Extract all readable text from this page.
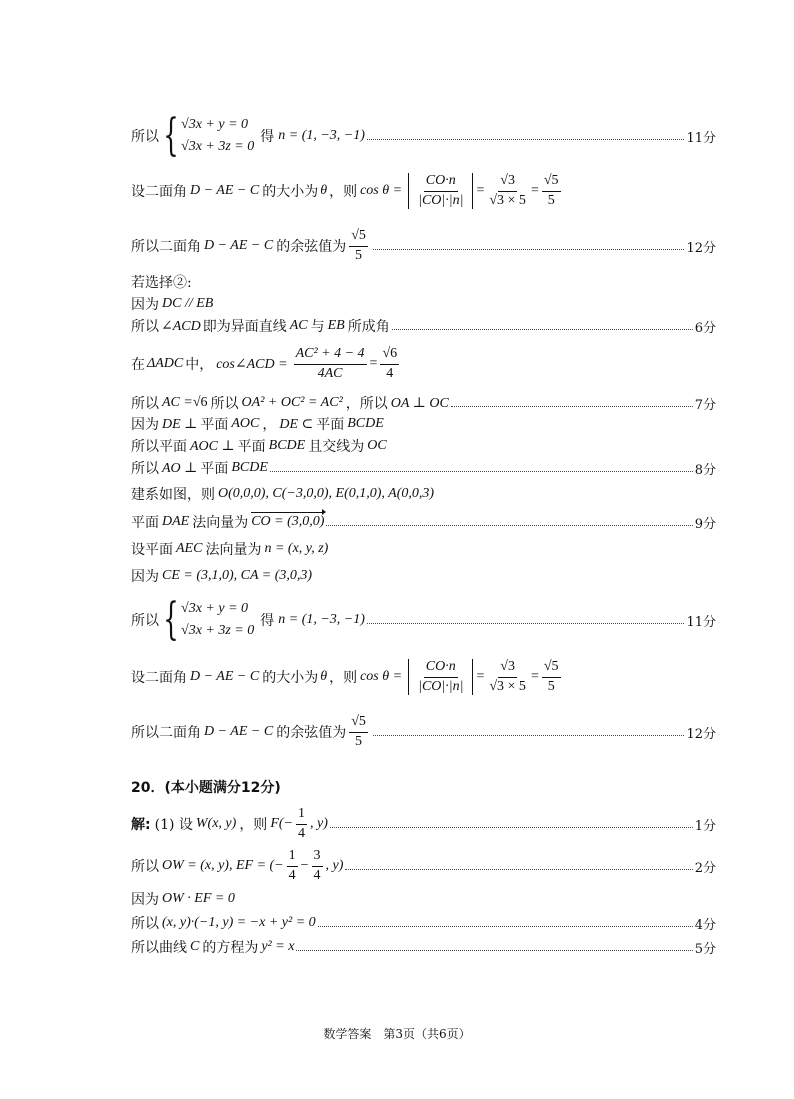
所以 { √3x + y = 0
√3x + 3z = 0
得 n = (1, −3, −1)	11分
设二面角 D − AE − C 的大小为 θ ，则 $\cos \theta = \frac{CO\cdot n}{|CO|\cdot|n|} = \frac{√3}{√3 \times 5} = \frac{√5}{5}$
所以二面角 D − AE − C 的余弦值为 $\frac{√5}{5}$	12分
若选择②:
因为 DC // EB
所以 ∠ACD 即为异面直线 AC 与 EB 所成角	6分
在 ΔADC 中， cos∠ACD = $\frac{\text{AC² + 4 − 4}}{4AC} = \frac{√6}{4}$
所以 AC = √6 所以 OA² + OC² = AC² ， 所以 OA ⊥ OC	7分
因为 DE ⊥ 平面 AOC ， DE ⊂ 平面 BCDE
所以平面 AOC ⊥ 平面 BCDE 且交线为 OC
所以 AO ⊥ 平面 BCDE	8分
建系如图，则 O(0,0,0), C(−3,0,0), E(0,1,0), A(0,0,3)
平面 DAE 法向量为 CO = (3,0,0)	9分
设平面 AEC 法向量为 n = (x, y, z)
因为 CE = (3,1,0), CA = (3,0,3)
所以 { √3x + y = 0
√3x + 3z = 0
得 n = (1, −3, −1)	11分
设二面角 D − AE − C 的大小为 θ ，则 $\cos \theta = \frac{CO\cdot n}{|CO|\cdot|n|} = \frac{√3}{√3 \times 5} = \frac{√5}{5}$
所以二面角 D − AE − C 的余弦值为 $\frac{√5}{5}$	12分
20．(本小题满分12分)
解: (1) 设 W(x, y) ，则 $F(- \frac{1}{4}$ , y)	1分
所以 OW = (x, y), EF = (− $\frac{1}{4} - \frac{3}{4}$ , y)	2分
因为 OW · EF = 0
所以 (x, y)·(−1, y) = −x + y² = 0	4分
所以曲线 C 的方程为 y² = x	5分
数学答案　第3页（共6页）
